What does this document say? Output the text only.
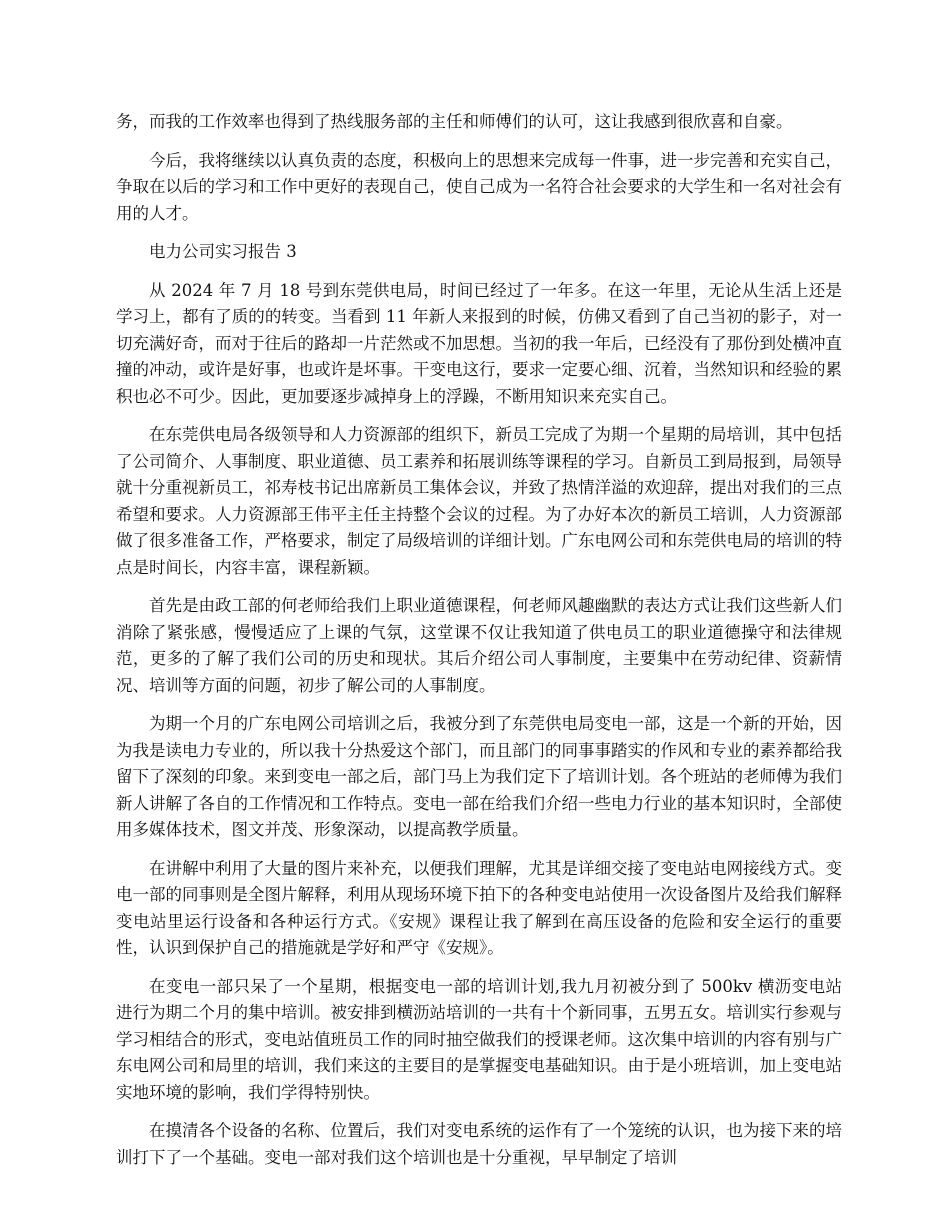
务，而我的工作效率也得到了热线服务部的主任和师傅们的认可，这让我感到很欣喜和自豪。

今后，我将继续以认真负责的态度，积极向上的思想来完成每一件事，进一步完善和充实自己，争取在以后的学习和工作中更好的表现自己，使自己成为一名符合社会要求的大学生和一名对社会有用的人才。

电力公司实习报告 3

从 2024 年 7 月 18 号到东莞供电局，时间已经过了一年多。在这一年里，无论从生活上还是学习上，都有了质的的转变。当看到 11 年新人来报到的时候，仿佛又看到了自己当初的影子，对一切充满好奇，而对于往后的路却一片茫然或不加思想。当初的我一年后，已经没有了那份到处横冲直撞的冲动，或许是好事，也或许是坏事。干变电这行，要求一定要心细、沉着，当然知识和经验的累积也必不可少。因此，更加要逐步减掉身上的浮躁，不断用知识来充实自己。

在东莞供电局各级领导和人力资源部的组织下，新员工完成了为期一个星期的局培训，其中包括了公司简介、人事制度、职业道德、员工素养和拓展训练等课程的学习。自新员工到局报到，局领导就十分重视新员工，祁寿枝书记出席新员工集体会议，并致了热情洋溢的欢迎辞，提出对我们的三点希望和要求。人力资源部王伟平主任主持整个会议的过程。为了办好本次的新员工培训，人力资源部做了很多准备工作，严格要求，制定了局级培训的详细计划。广东电网公司和东莞供电局的培训的特点是时间长，内容丰富，课程新颖。

首先是由政工部的何老师给我们上职业道德课程，何老师风趣幽默的表达方式让我们这些新人们消除了紧张感，慢慢适应了上课的气氛，这堂课不仅让我知道了供电员工的职业道德操守和法律规范，更多的了解了我们公司的历史和现状。其后介绍公司人事制度，主要集中在劳动纪律、资薪情况、培训等方面的问题，初步了解公司的人事制度。

为期一个月的广东电网公司培训之后，我被分到了东莞供电局变电一部，这是一个新的开始，因为我是读电力专业的，所以我十分热爱这个部门，而且部门的同事事踏实的作风和专业的素养都给我留下了深刻的印象。来到变电一部之后，部门马上为我们定下了培训计划。各个班站的老师傅为我们新人讲解了各自的工作情况和工作特点。变电一部在给我们介绍一些电力行业的基本知识时，全部使用多媒体技术，图文并茂、形象深动，以提高教学质量。

在讲解中利用了大量的图片来补充，以便我们理解，尤其是详细交接了变电站电网接线方式。变电一部的同事则是全图片解释，利用从现场环境下拍下的各种变电站使用一次设备图片及给我们解释变电站里运行设备和各种运行方式。《安规》课程让我了解到在高压设备的危险和安全运行的重要性，认识到保护自己的措施就是学好和严守《安规》。

在变电一部只呆了一个星期，根据变电一部的培训计划,我九月初被分到了 500kv 横沥变电站进行为期二个月的集中培训。被安排到横沥站培训的一共有十个新同事，五男五女。培训实行参观与学习相结合的形式，变电站值班员工作的同时抽空做我们的授课老师。这次集中培训的内容有别与广东电网公司和局里的培训，我们来这的主要目的是掌握变电基础知识。由于是小班培训，加上变电站实地环境的影响，我们学得特别快。

在摸清各个设备的名称、位置后，我们对变电系统的运作有了一个笼统的认识，也为接下来的培训打下了一个基础。变电一部对我们这个培训也是十分重视，早早制定了培训
